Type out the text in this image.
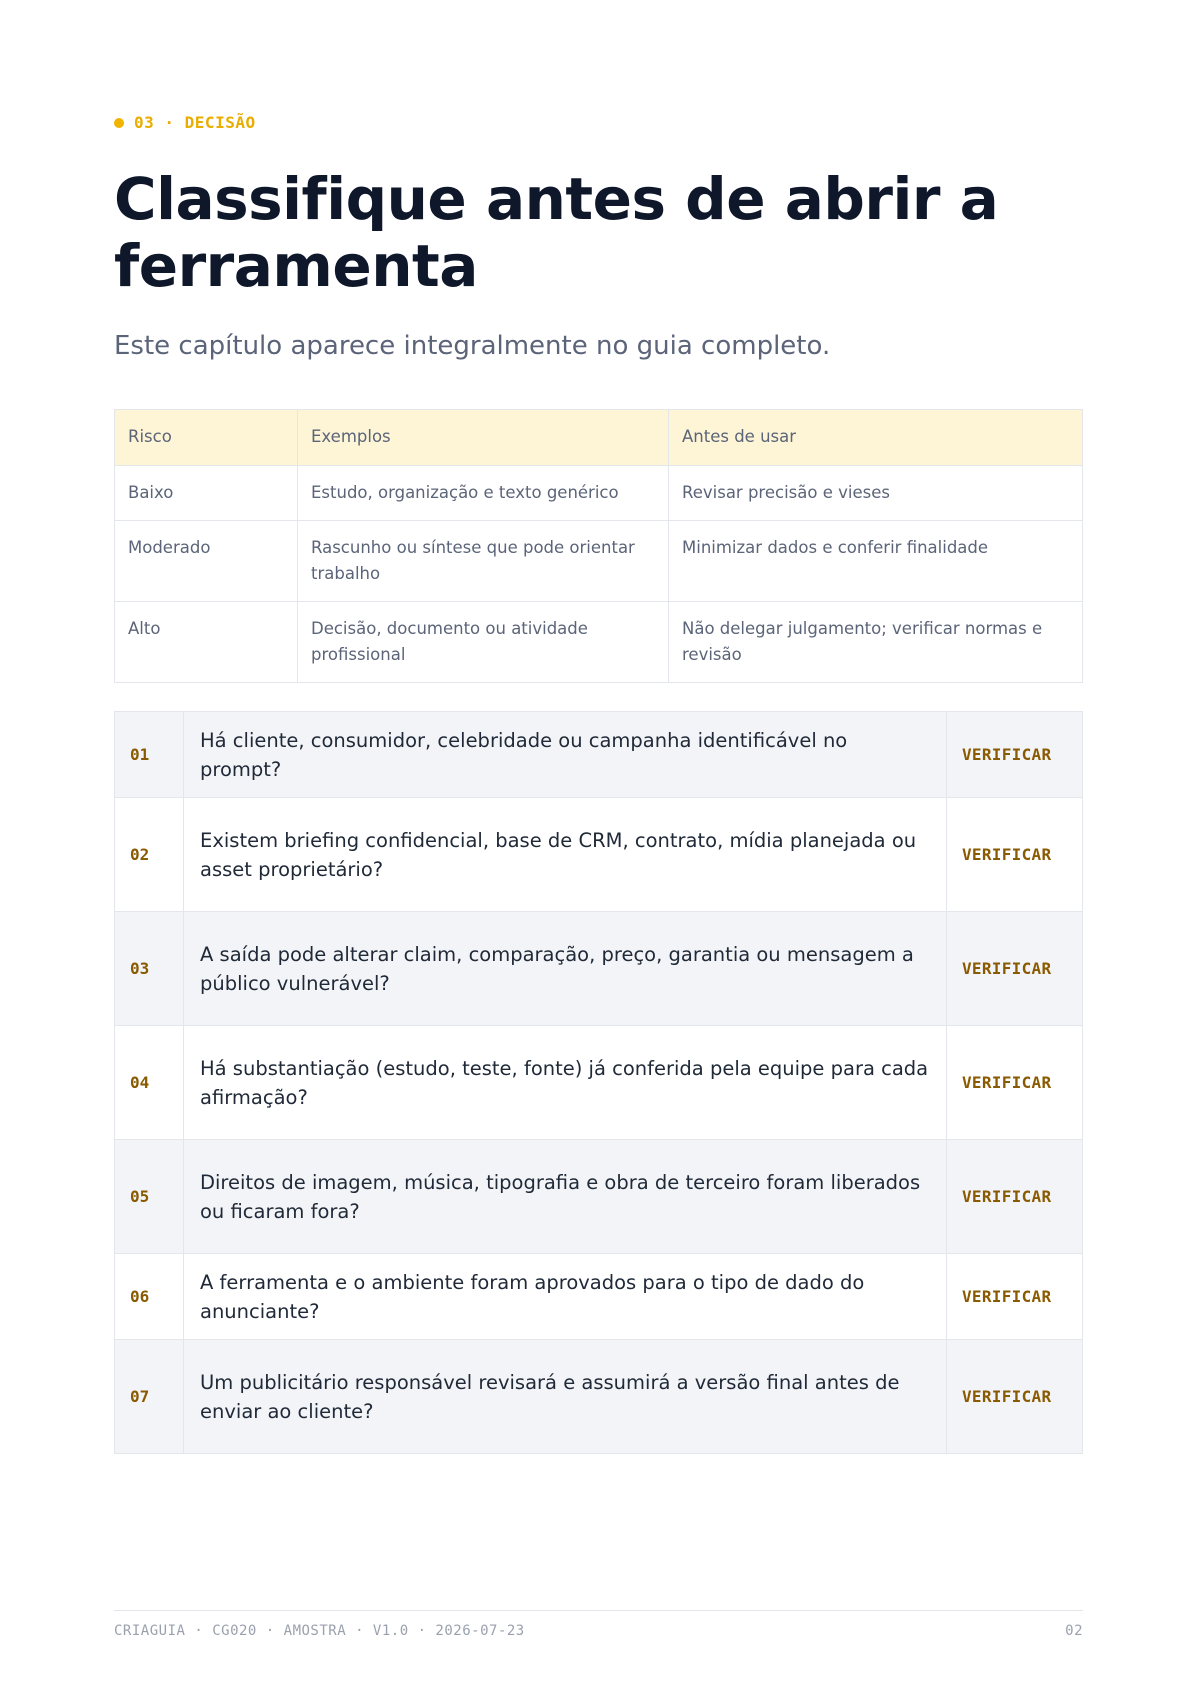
03 · DECISÃO
Classifique antes de abrir a ferramenta

Este capítulo aparece integralmente no guia completo.

Risco	Exemplos	Antes de usar
Baixo	Estudo, organização e texto genérico	Revisar precisão e vieses
Moderado	Rascunho ou síntese que pode orientar trabalho	Minimizar dados e conferir finalidade
Alto	Decisão, documento ou atividade profissional	Não delegar julgamento; verificar normas e revisão
01	Há cliente, consumidor, celebridade ou campanha identificável no prompt?	VERIFICAR
02	Existem briefing confidencial, base de CRM, contrato, mídia planejada ou asset proprietário?	VERIFICAR
03	A saída pode alterar claim, comparação, preço, garantia ou mensagem a público vulnerável?	VERIFICAR
04	Há substantiação (estudo, teste, fonte) já conferida pela equipe para cada afirmação?	VERIFICAR
05	Direitos de imagem, música, tipografia e obra de terceiro foram liberados ou ficaram fora?	VERIFICAR
06	A ferramenta e o ambiente foram aprovados para o tipo de dado do anunciante?	VERIFICAR
07	Um publicitário responsável revisará e assumirá a versão final antes de enviar ao cliente?	VERIFICAR
CRIAGUIA · CG020 · AMOSTRA · V1.0 · 2026-07-23	02
